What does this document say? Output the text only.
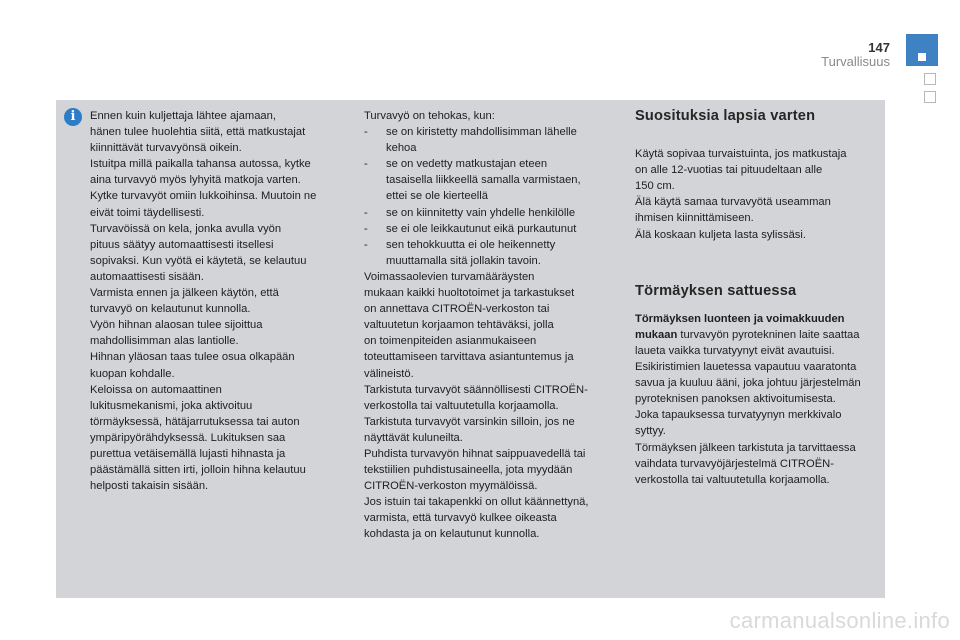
147
Turvallisuus
i	Ennen kuin kuljettaja lähtee ajamaan,

hänen tulee huolehtia siitä, että matkustajat

kiinnittävät turvavyönsä oikein.

Istuitpa millä paikalla tahansa autossa, kytke

aina turvavyö myös lyhyitä matkoja varten.

Kytke turvavyöt omiin lukkoihinsa. Muutoin ne

eivät toimi täydellisesti.

Turvavöissä on kela, jonka avulla vyön

pituus säätyy automaattisesti itsellesi

sopivaksi. Kun vyötä ei käytetä, se kelautuu

automaattisesti sisään.

Varmista ennen ja jälkeen käytön, että

turvavyö on kelautunut kunnolla.

Vyön hihnan alaosan tulee sijoittua

mahdollisimman alas lantiolle.

Hihnan yläosan taas tulee osua olkapään

kuopan kohdalle.

Keloissa on automaattinen

lukitusmekanismi, joka aktivoituu

törmäyksessä, hätäjarrutuksessa tai auton

ympäripyörähdyksessä. Lukituksen saa

purettua vetäisemällä lujasti hihnasta ja

päästämällä sitten irti, jolloin hihna kelautuu

helposti takaisin sisään.

Turvavyö on tehokas, kun:

-	se on kiristetty mahdollisimman lähelle
kehoa
-	se on vedetty matkustajan eteen
tasaisella liikkeellä samalla varmistaen,
ettei se ole kierteellä
-	se on kiinnitetty vain yhdelle henkilölle
-	se ei ole leikkautunut eikä purkautunut
-	sen tehokkuutta ei ole heikennetty
muuttamalla sitä jollakin tavoin.

Voimassaolevien turvamääräysten

mukaan kaikki huoltotoimet ja tarkastukset

on annettava CITROËN-verkoston tai

valtuutetun korjaamon tehtäväksi, jolla

on toimenpiteiden asianmukaiseen

toteuttamiseen tarvittava asiantuntemus ja

välineistö.

Tarkistuta turvavyöt säännöllisesti CITROËN-

verkostolla tai valtuutetulla korjaamolla.

Tarkistuta turvavyöt varsinkin silloin, jos ne

näyttävät kuluneilta.

Puhdista turvavyön hihnat saippuavedellä tai

tekstiilien puhdistusaineella, jota myydään

CITROËN-verkoston myymälöissä.

Jos istuin tai takapenkki on ollut käännettynä,

varmista, että turvavyö kulkee oikeasta

kohdasta ja on kelautunut kunnolla.

Suosituksia lapsia varten

Käytä sopivaa turvaistuinta, jos matkustaja

on alle 12-vuotias tai pituudeltaan alle

150 cm.

Älä käytä samaa turvavyötä useamman

ihmisen kiinnittämiseen.

Älä koskaan kuljeta lasta sylissäsi.

Törmäyksen sattuessa

Törmäyksen luonteen ja voimakkuuden
mukaan turvavyön pyrotekninen laite saattaa

laueta vaikka turvatyynyt eivät avautuisi.

Esikiristimien lauetessa vapautuu vaaratonta

savua ja kuuluu ääni, joka johtuu järjestelmän

pyroteknisen panoksen aktivoitumisesta.

Joka tapauksessa turvatyynyn merkkivalo

syttyy.

Törmäyksen jälkeen tarkistuta ja tarvittaessa

vaihdata turvavyöjärjestelmä CITROËN-

verkostolla tai valtuutetulla korjaamolla.

carmanualsonline.info
